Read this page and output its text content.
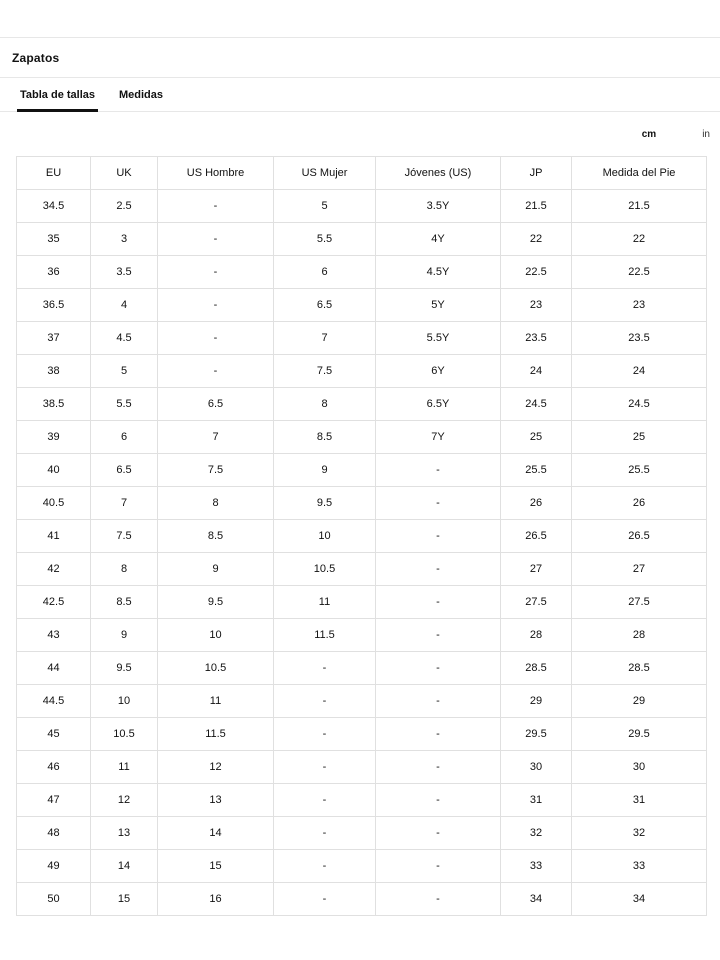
Zapatos
Tabla de tallas Medidas
cm	in
EU	UK	US Hombre	US Mujer	Jóvenes (US)	JP	Medida del Pie
34.5	2.5	-	5	3.5Y	21.5	21.5
35	3	-	5.5	4Y	22	22
36	3.5	-	6	4.5Y	22.5	22.5
36.5	4	-	6.5	5Y	23	23
37	4.5	-	7	5.5Y	23.5	23.5
38	5	-	7.5	6Y	24	24
38.5	5.5	6.5	8	6.5Y	24.5	24.5
39	6	7	8.5	7Y	25	25
40	6.5	7.5	9	-	25.5	25.5
40.5	7	8	9.5	-	26	26
41	7.5	8.5	10	-	26.5	26.5
42	8	9	10.5	-	27	27
42.5	8.5	9.5	11	-	27.5	27.5
43	9	10	11.5	-	28	28
44	9.5	10.5	-	-	28.5	28.5
44.5	10	11	-	-	29	29
45	10.5	11.5	-	-	29.5	29.5
46	11	12	-	-	30	30
47	12	13	-	-	31	31
48	13	14	-	-	32	32
49	14	15	-	-	33	33
50	15	16	-	-	34	34
